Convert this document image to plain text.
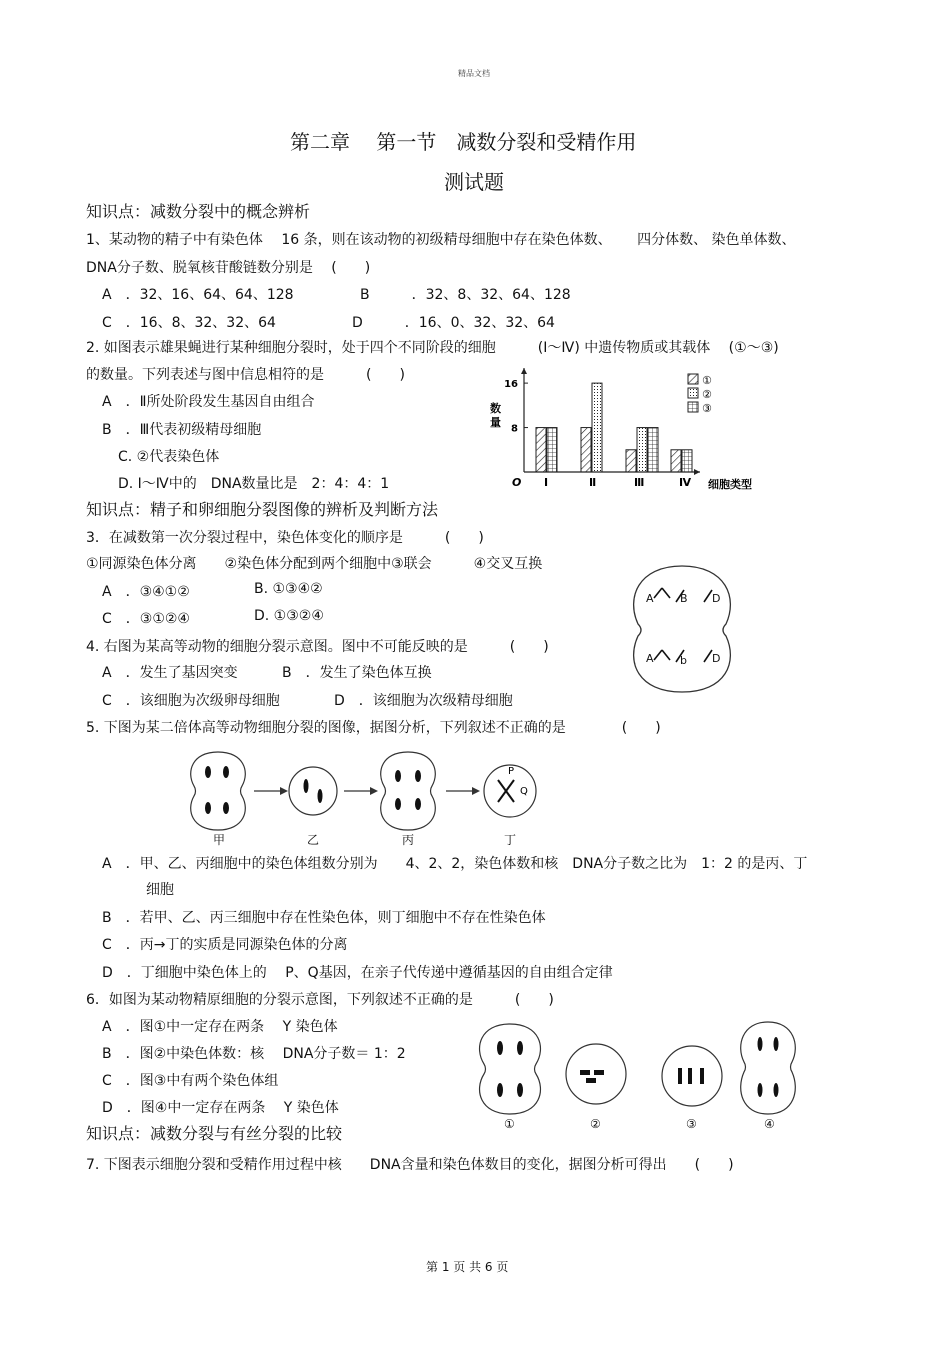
精品文档
第二章　 第一节　减数分裂和受精作用
测试题
知识点：减数分裂中的概念辨析
1、某动物的精子中有染色体　 16 条，则在该动物的初级精母细胞中存在染色体数、　　 四分体数、 染色单体数、
DNA分子数、脱氧核苷酸链数分别是　 (　　)
A　．32、16、64、64、128	B　　　．32、8、32、64、128
C　．16、8、32、32、64	D　　　．16、0、32、32、64
2. 如图表示雄果蝇进行某种细胞分裂时，处于四个不同阶段的细胞　　　(Ⅰ～Ⅳ) 中遗传物质或其载体　 (①～③)
的数量。下列表述与图中信息相符的是　　　(　　)
A　．Ⅱ所处阶段发生基因自由组合
B　．Ⅲ代表初级精母细胞
C. ②代表染色体
D. Ⅰ～Ⅳ中的　DNA数量比是　2：4：4：1
16
8
O
数
量
细胞类型
Ⅰ	Ⅱ	Ⅲ	Ⅳ
①
②
③
知识点：精子和卵细胞分裂图像的辨析及判断方法
3．在减数第一次分裂过程中，染色体变化的顺序是　　　(　　)
①同源染色体分离　　②染色体分配到两个细胞中③联会　　　④交叉互换
A　．③④①②	B. ①③④②
C　．③①②④	D. ①③②④
A B D
A b D
4. 右图为某高等动物的细胞分裂示意图。图中不可能反映的是　　　(　　)
A　．发生了基因突变	B　．发生了染色体互换
C　．该细胞为次级卵母细胞	D　．该细胞为次级精母细胞
5. 下图为某二倍体高等动物细胞分裂的图像，据图分析，下列叙述不正确的是　　　　(　　)
P
Q
甲	乙	丙	丁
A　．甲、乙、丙细胞中的染色体组数分别为　　4、2、2，染色体数和核　DNA分子数之比为　1：2 的是丙、丁
细胞
B　．若甲、乙、丙三细胞中存在性染色体，则丁细胞中不存在性染色体
C　．丙→丁的实质是同源染色体的分离
D　．丁细胞中染色体上的　 P、Q基因，在亲子代传递中遵循基因的自由组合定律
6．如图为某动物精原细胞的分裂示意图，下列叙述不正确的是　　　(　　)
A　．图①中一定存在两条　 Y 染色体
B　．图②中染色体数：核　 DNA分子数＝ 1：2
C　．图③中有两个染色体组
D　．图④中一定存在两条　 Y 染色体
①	②	③	④
知识点：减数分裂与有丝分裂的比较
7. 下图表示细胞分裂和受精作用过程中核　　DNA含量和染色体数目的变化，据图分析可得出　　(　　)
第 1 页 共 6 页
